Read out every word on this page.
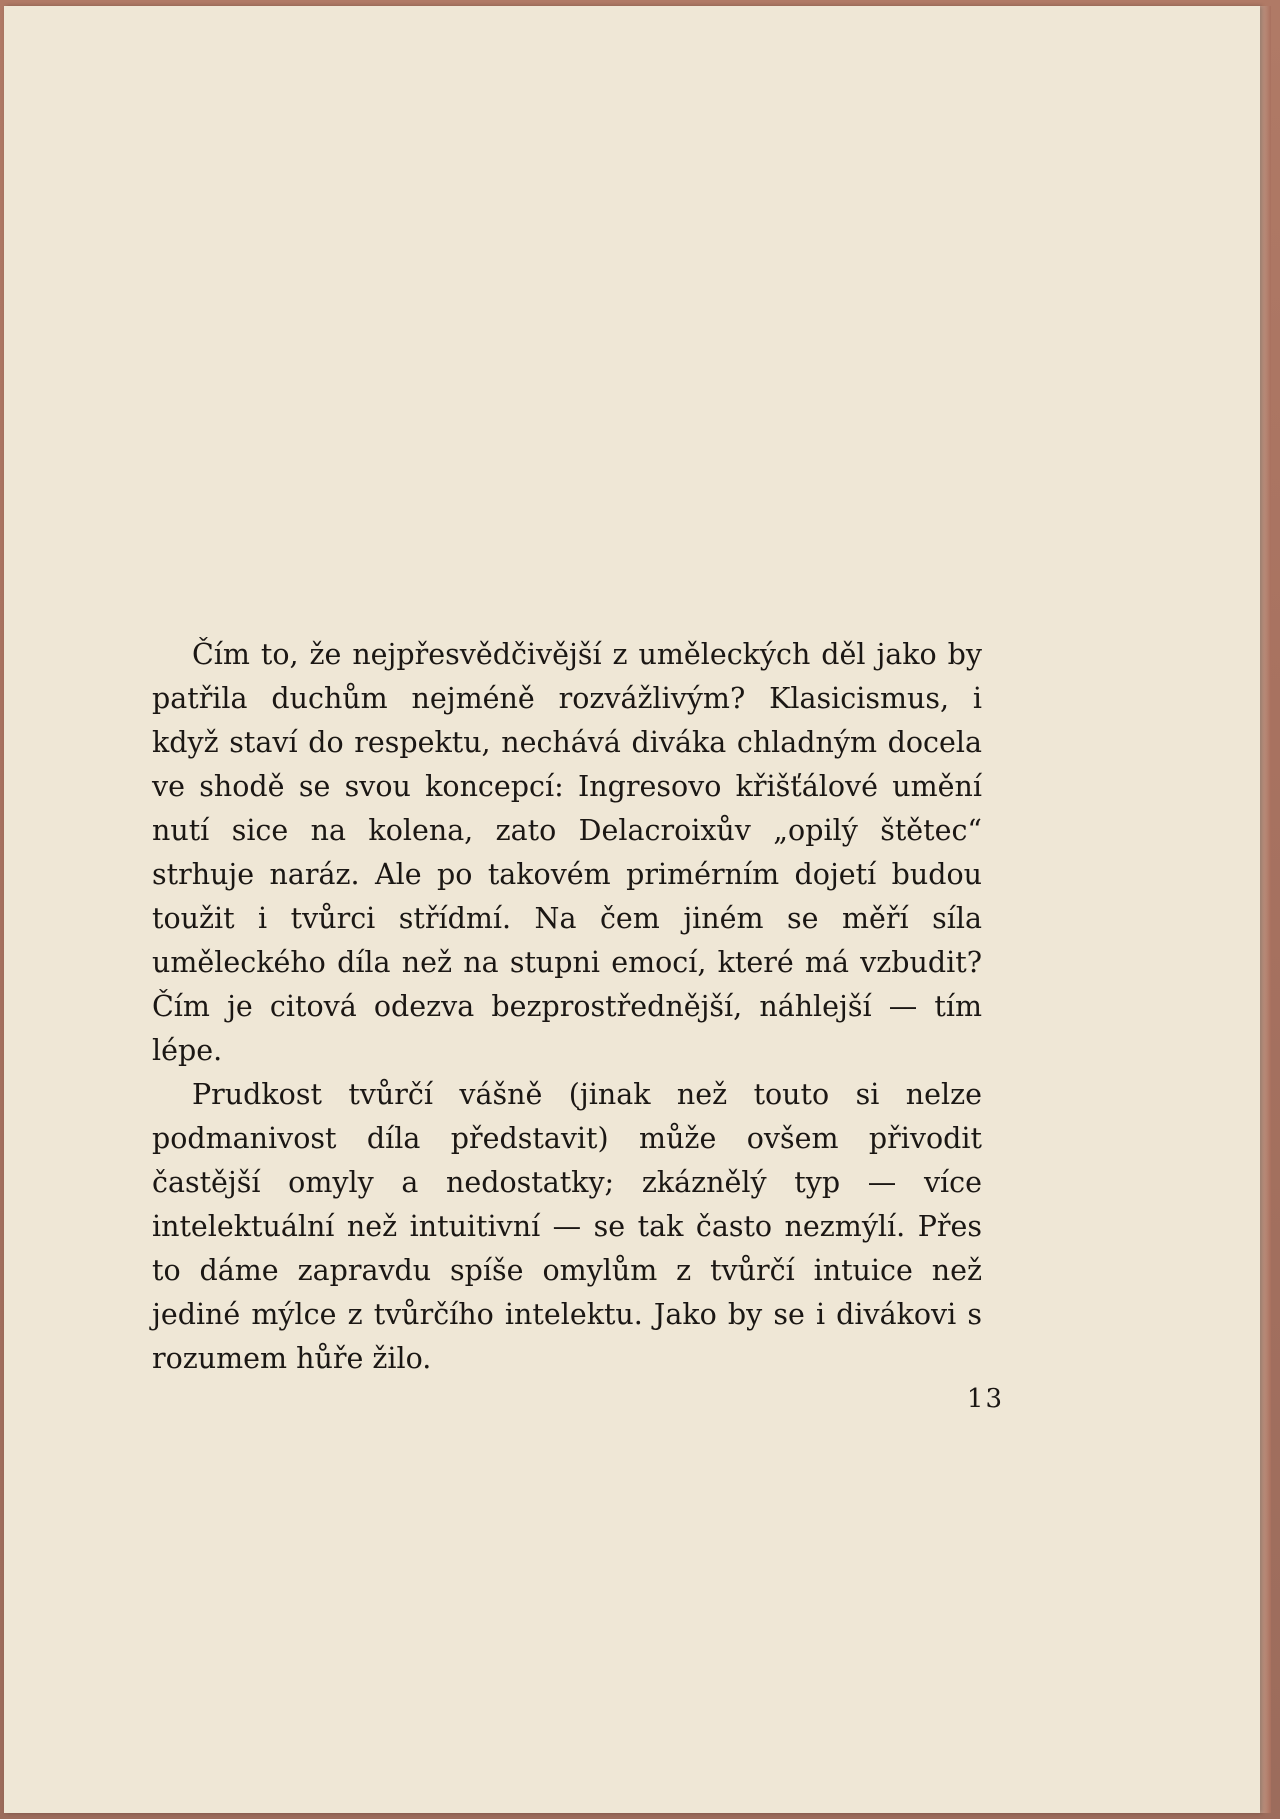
Čím to, že nejpřesvědčivější z uměleckých děl jako by patřila duchům nejméně rozvážlivým? Klasicismus, i když staví do respektu, nechává diváka chladným docela ve shodě se svou koncepcí: Ingresovo křišťálové umění nutí sice na kolena, zato Delacroixův „opilý štětec“ strhuje naráz. Ale po takovém primérním dojetí budou toužit i tvůrci střídmí. Na čem jiném se měří síla uměleckého díla než na stupni emocí, které má vzbudit? Čím je citová odezva bezprostřednější, náhlejší — tím lépe.

Prudkost tvůrčí vášně (jinak než touto si nelze podmanivost díla představit) může ovšem přivodit častější omyly a nedostatky; zkáznělý typ — více intelektuální než intuitivní — se tak často nezmýlí. Přes to dáme zapravdu spíše omylům z tvůrčí intuice než jediné mýlce z tvůrčího intelektu. Jako by se i divákovi s rozumem hůře žilo.

13
